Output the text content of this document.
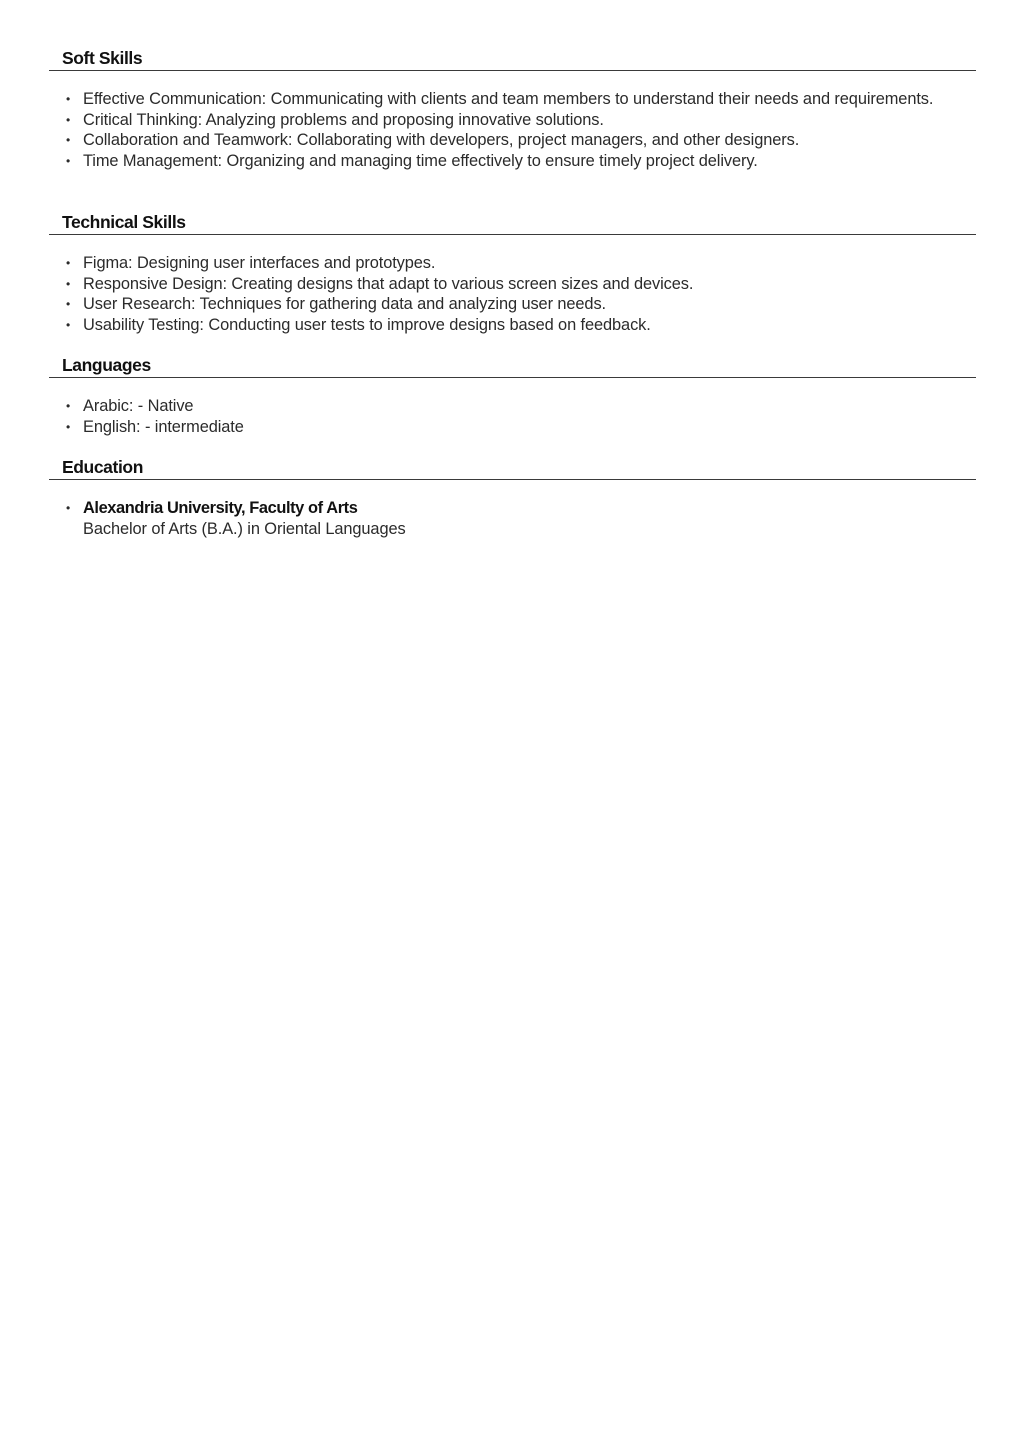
Soft Skills
• Effective Communication: Communicating with clients and team members to understand their needs and requirements.
• Critical Thinking: Analyzing problems and proposing innovative solutions.
• Collaboration and Teamwork: Collaborating with developers, project managers, and other designers.
• Time Management: Organizing and managing time effectively to ensure timely project delivery.
Technical Skills
• Figma: Designing user interfaces and prototypes.
• Responsive Design: Creating designs that adapt to various screen sizes and devices.
• User Research: Techniques for gathering data and analyzing user needs.
• Usability Testing: Conducting user tests to improve designs based on feedback.
Languages
• Arabic: - Native
• English: - intermediate
Education
• Alexandria University, Faculty of Arts
Bachelor of Arts (B.A.) in Oriental Languages
